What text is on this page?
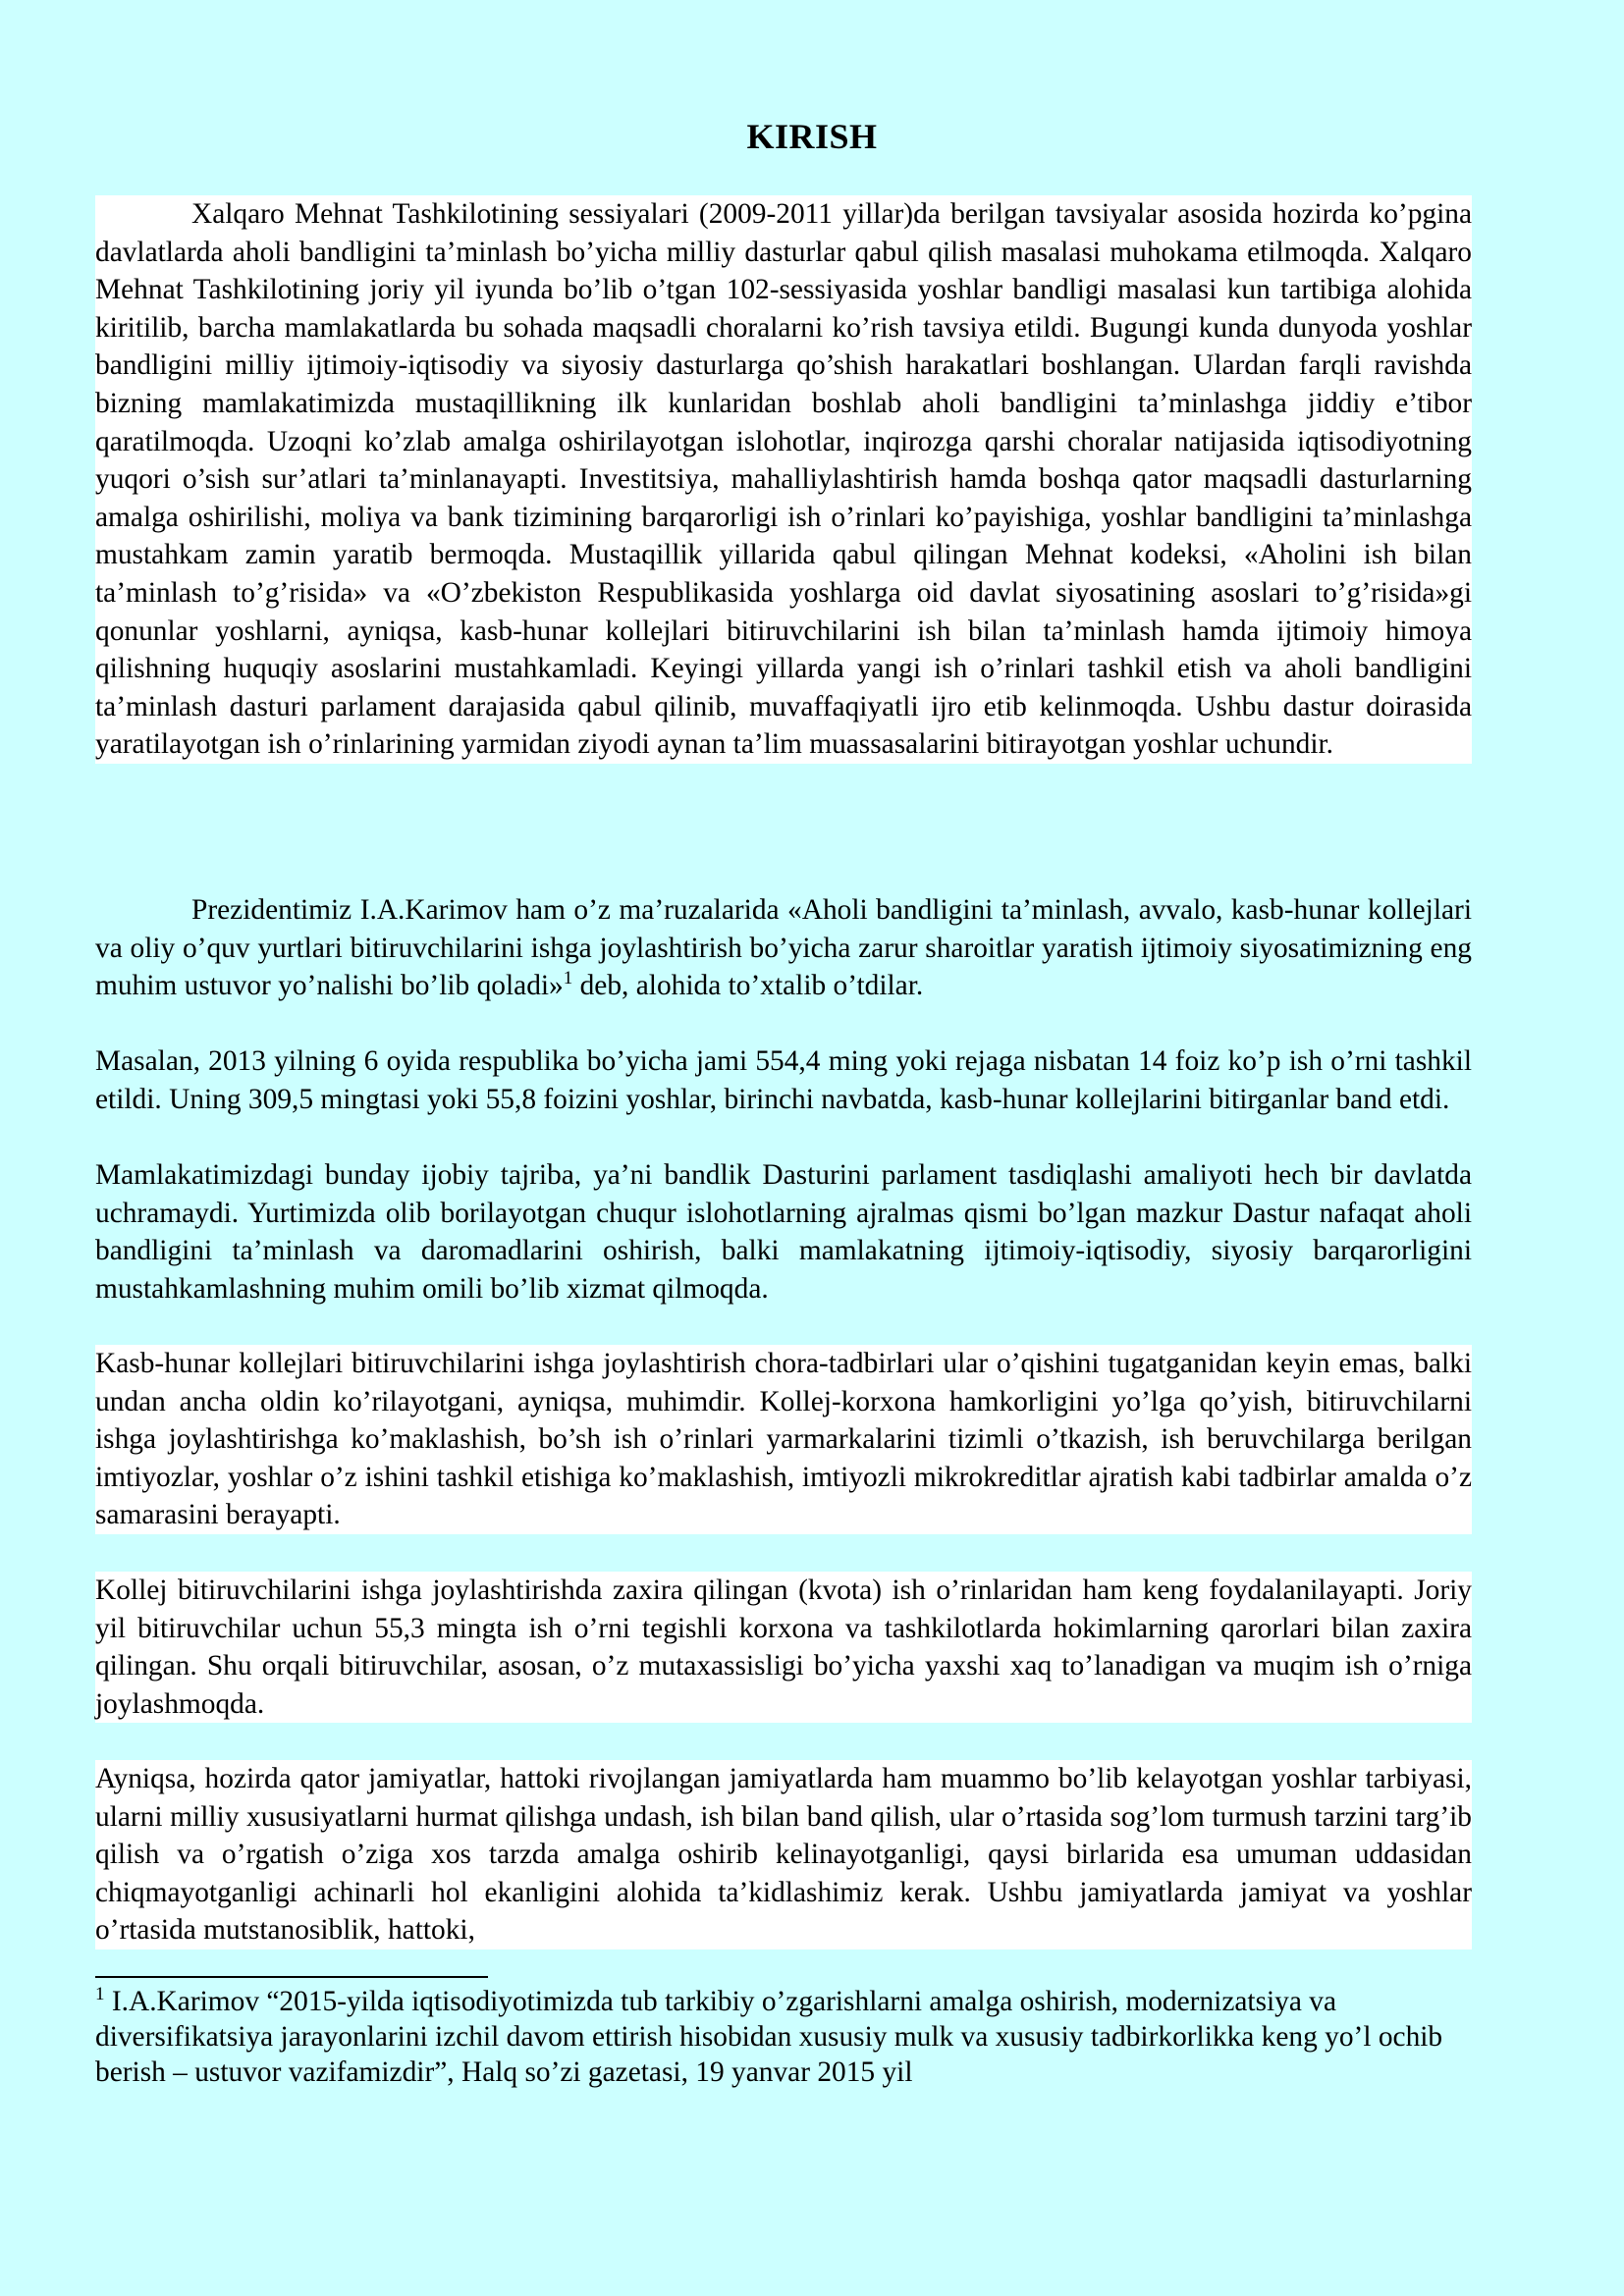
KIRISH

Xalqaro Mehnat Tashkilotining sessiyalari (2009-2011 yillar)da berilgan tavsiyalar asosida hozirda ko’pgina davlatlarda aholi bandligini ta’minlash bo’yicha milliy dasturlar qabul qilish masalasi muhokama etilmoqda. Xalqaro Mehnat Tashkilotining joriy yil iyunda bo’lib o’tgan 102-sessiyasida yoshlar bandligi masalasi kun tartibiga alohida kiritilib, barcha mamlakatlarda bu sohada maqsadli choralarni ko’rish tavsiya etildi. Bugungi kunda dunyoda yoshlar bandligini milliy ijtimoiy-iqtisodiy va siyosiy dasturlarga qo’shish harakatlari boshlangan. Ulardan farqli ravishda bizning mamlakatimizda mustaqillikning ilk kunlaridan boshlab aholi bandligini ta’minlashga jiddiy e’tibor qaratilmoqda. Uzoqni ko’zlab amalga oshirilayotgan islohotlar, inqirozga qarshi choralar natijasida iqtisodiyotning yuqori o’sish sur’atlari ta’minlanayapti. Investitsiya, mahalliylashtirish hamda boshqa qator maqsadli dasturlarning amalga oshirilishi, moliya va bank tizimining barqarorligi ish o’rinlari ko’payishiga, yoshlar bandligini ta’minlashga mustahkam zamin yaratib bermoqda. Mustaqillik yillarida qabul qilingan Mehnat kodeksi, «Aholini ish bilan ta’minlash to’g’risida» va «O’zbekiston Respublikasida yoshlarga oid davlat siyosatining asoslari to’g’risida»gi qonunlar yoshlarni, ayniqsa, kasb-hunar kollejlari bitiruvchilarini ish bilan ta’minlash hamda ijtimoiy himoya qilishning huquqiy asoslarini mustahkamladi. Keyingi yillarda yangi ish o’rinlari tashkil etish va aholi bandligini ta’minlash dasturi parlament darajasida qabul qilinib, muvaffaqiyatli ijro etib kelinmoqda. Ushbu dastur doirasida yaratilayotgan ish o’rinlarining yarmidan ziyodi aynan ta’lim muassasalarini bitirayotgan yoshlar uchundir.

Prezidentimiz I.A.Karimov ham o’z ma’ruzalarida «Aholi bandligini ta’minlash, avvalo, kasb-hunar kollejlari va oliy o’quv yurtlari bitiruvchilarini ishga joylashtirish bo’yicha zarur sharoitlar yaratish ijtimoiy siyosatimizning eng muhim ustuvor yo’nalishi bo’lib qoladi»$^1$ deb, alohida to’xtalib o’tdilar.

Masalan, 2013 yilning 6 oyida respublika bo’yicha jami 554,4 ming yoki rejaga nisbatan 14 foiz ko’p ish o’rni tashkil etildi. Uning 309,5 mingtasi yoki 55,8 foizini yoshlar, birinchi navbatda, kasb-hunar kollejlarini bitirganlar band etdi.

Mamlakatimizdagi bunday ijobiy tajriba, ya’ni bandlik Dasturini parlament tasdiqlashi amaliyoti hech bir davlatda uchramaydi. Yurtimizda olib borilayotgan chuqur islohotlarning ajralmas qismi bo’lgan mazkur Dastur nafaqat aholi bandligini ta’minlash va daromadlarini oshirish, balki mamlakatning ijtimoiy-iqtisodiy, siyosiy barqarorligini mustahkamlashning muhim omili bo’lib xizmat qilmoqda.

Kasb-hunar kollejlari bitiruvchilarini ishga joylashtirish chora-tadbirlari ular o’qishini tugatganidan keyin emas, balki undan ancha oldin ko’rilayotgani, ayniqsa, muhimdir. Kollej-korxona hamkorligini yo’lga qo’yish, bitiruvchilarni ishga joylashtirishga ko’maklashish, bo’sh ish o’rinlari yarmarkalarini tizimli o’tkazish, ish beruvchilarga berilgan imtiyozlar, yoshlar o’z ishini tashkil etishiga ko’maklashish, imtiyozli mikrokreditlar ajratish kabi tadbirlar amalda o’z samarasini berayapti.

Kollej bitiruvchilarini ishga joylashtirishda zaxira qilingan (kvota) ish o’rinlaridan ham keng foydalanilayapti. Joriy yil bitiruvchilar uchun 55,3 mingta ish o’rni tegishli korxona va tashkilotlarda hokimlarning qarorlari bilan zaxira qilingan. Shu orqali bitiruvchilar, asosan, o’z mutaxassisligi bo’yicha yaxshi xaq to’lanadigan va muqim ish o’rniga joylashmoqda.

Ayniqsa, hozirda qator jamiyatlar, hattoki rivojlangan jamiyatlarda ham muammo bo’lib kelayotgan yoshlar tarbiyasi, ularni milliy xususiyatlarni hurmat qilishga undash, ish bilan band qilish, ular o’rtasida sog’lom turmush tarzini targ’ib qilish va o’rgatish o’ziga xos tarzda amalga oshirib kelinayotganligi, qaysi birlarida esa umuman uddasidan chiqmayotganligi achinarli hol ekanligini alohida ta’kidlashimiz kerak. Ushbu jamiyatlarda jamiyat va yoshlar o’rtasida mutstanosiblik, hattoki,

$^1$ I.A.Karimov “2015-yilda iqtisodiyotimizda tub tarkibiy o’zgarishlarni amalga oshirish, modernizatsiya va diversifikatsiya jarayonlarini izchil davom ettirish hisobidan xususiy mulk va xususiy tadbirkorlikka keng yo’l ochib berish – ustuvor vazifamizdir”, Halq so’zi gazetasi, 19 yanvar 2015 yil
